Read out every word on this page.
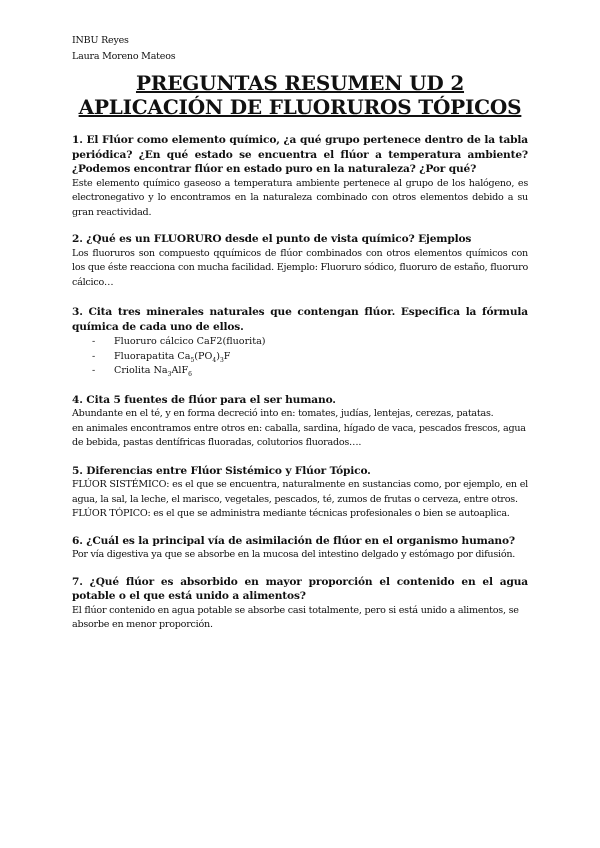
INBU Reyes
Laura Moreno Mateos
PREGUNTAS RESUMEN UD 2 APLICACIÓN DE FLUORUROS TÓPICOS
1. El Flúor como elemento químico, ¿a qué grupo pertenece dentro de la tabla periódica? ¿En qué estado se encuentra el flúor a temperatura ambiente? ¿Podemos encontrar flúor en estado puro en la naturaleza? ¿Por qué?

Este elemento químico gaseoso a temperatura ambiente pertenece al grupo de los halógeno, es electronegativo y lo encontramos en la naturaleza combinado con otros elementos debido a su gran reactividad.

2. ¿Qué es un FLUORURO desde el punto de vista químico? Ejemplos

Los fluoruros son compuesto qquímicos de flúor combinados con otros elementos químicos con los que éste reacciona con mucha facilidad. Ejemplo: Fluoruro sódico, fluoruro de estaño, fluoruro cálcico…

3. Cita tres minerales naturales que contengan flúor. Especifica la fórmula química de cada uno de ellos.
- Fluoruro cálcico CaF2(fluorita)
- Fluorapatita $Ca_5(PO_4)_3F$
- Criolita $Na_3AlF_6$
4. Cita 5 fuentes de flúor para el ser humano.

Abundante en el té, y en forma decreció into en: tomates, judías, lentejas, cerezas, patatas.

en animales encontramos entre otros en: caballa, sardina, hígado de vaca, pescados frescos, agua de bebida, pastas dentífricas fluoradas, colutorios fluorados….

5. Diferencias entre Flúor Sistémico y Flúor Tópico.

FLÚOR SISTÉMICO: es el que se encuentra, naturalmente en sustancias como, por ejemplo, en el agua, la sal, la leche, el marisco, vegetales, pescados, té, zumos de frutas o cerveza, entre otros.

FLÚOR TÓPICO: es el que se administra mediante técnicas profesionales o bien se autoaplica.

6. ¿Cuál es la principal vía de asimilación de flúor en el organismo humano?

Por vía digestiva ya que se absorbe en la mucosa del intestino delgado y estómago por difusión.

7. ¿Qué flúor es absorbido en mayor proporción el contenido en el agua potable o el que está unido a alimentos?

El flúor contenido en agua potable se absorbe casi totalmente, pero si está unido a alimentos, se absorbe en menor proporción.
